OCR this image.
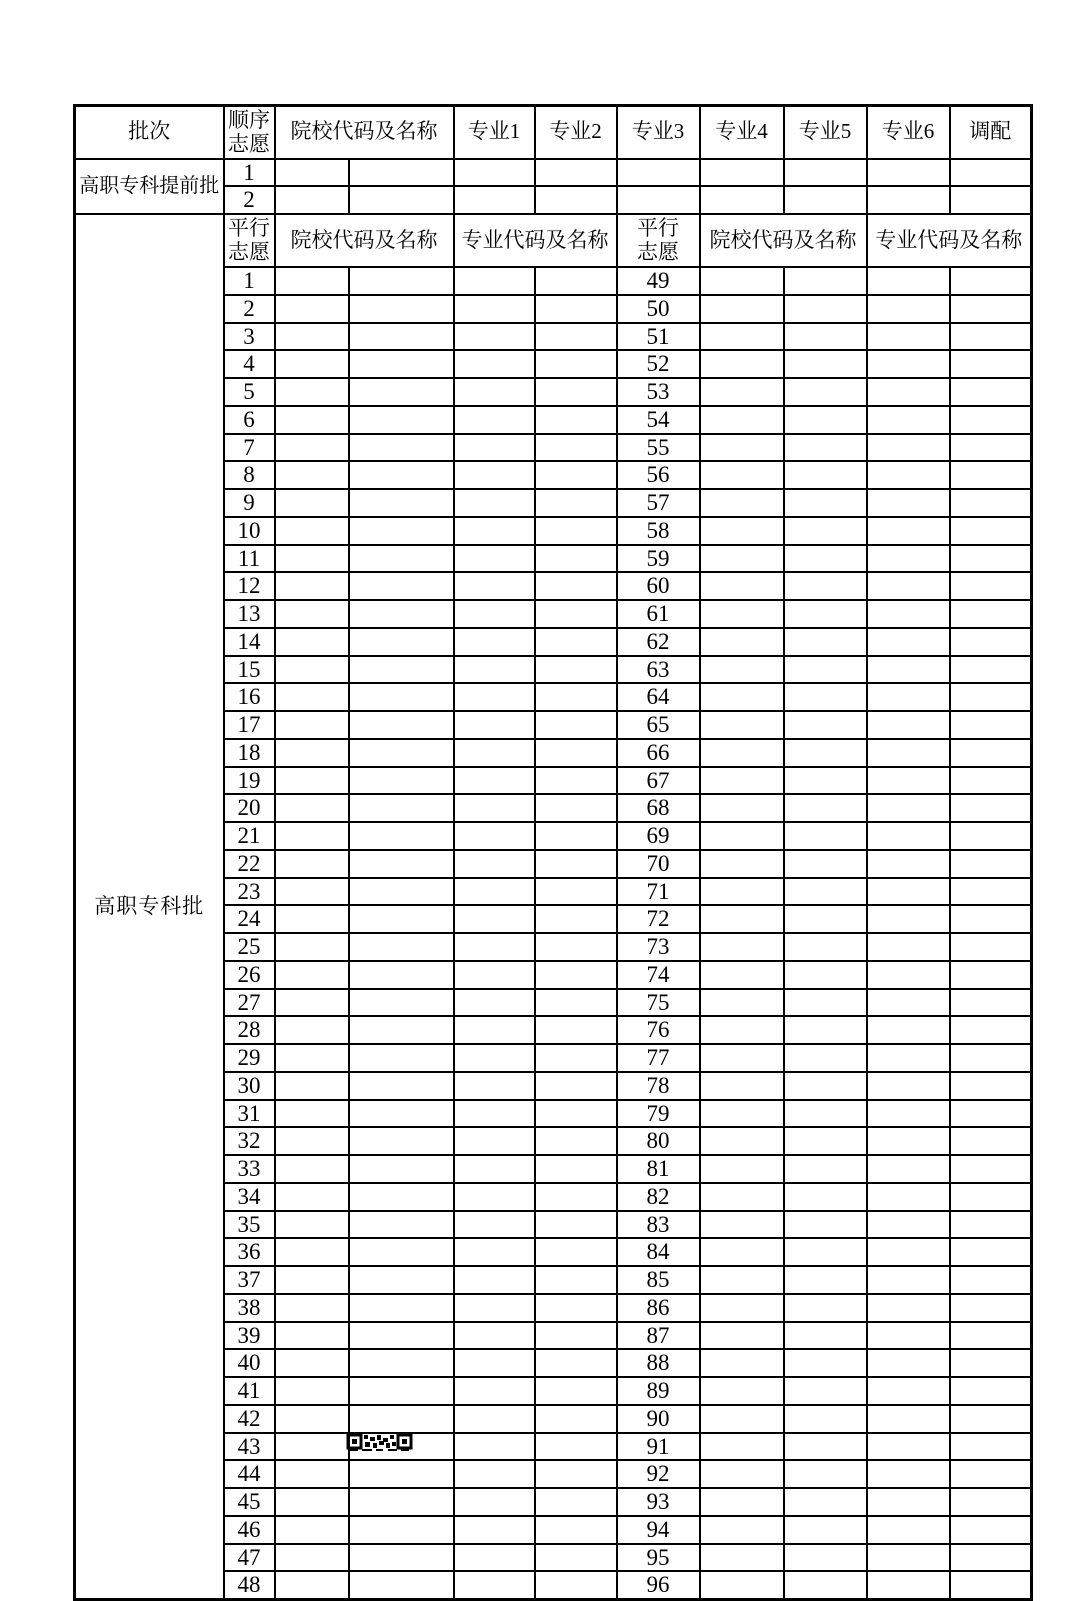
批次	顺序志愿	院校代码及名称		专业1	专业2	专业3	专业4	专业5	专业6	调配
高职专科提前批	1									
	2									
高职专科批	平行志愿	院校代码及名称		专业代码及名称		平行志愿	院校代码及名称		专业代码及名称	
	1					49				
	2					50				
	3					51				
	4					52				
	5					53				
	6					54				
	7					55				
	8					56				
	9					57				
	10					58				
	11					59				
	12					60				
	13					61				
	14					62				
	15					63				
	16					64				
	17					65				
	18					66				
	19					67				
	20					68				
	21					69				
	22					70				
	23					71				
	24					72				
	25					73				
	26					74				
	27					75				
	28					76				
	29					77				
	30					78				
	31					79				
	32					80				
	33					81				
	34					82				
	35					83				
	36					84				
	37					85				
	38					86				
	39					87				
	40					88				
	41					89				
	42					90				
	43					91				
	44					92				
	45					93				
	46					94				
	47					95				
	48					96				
